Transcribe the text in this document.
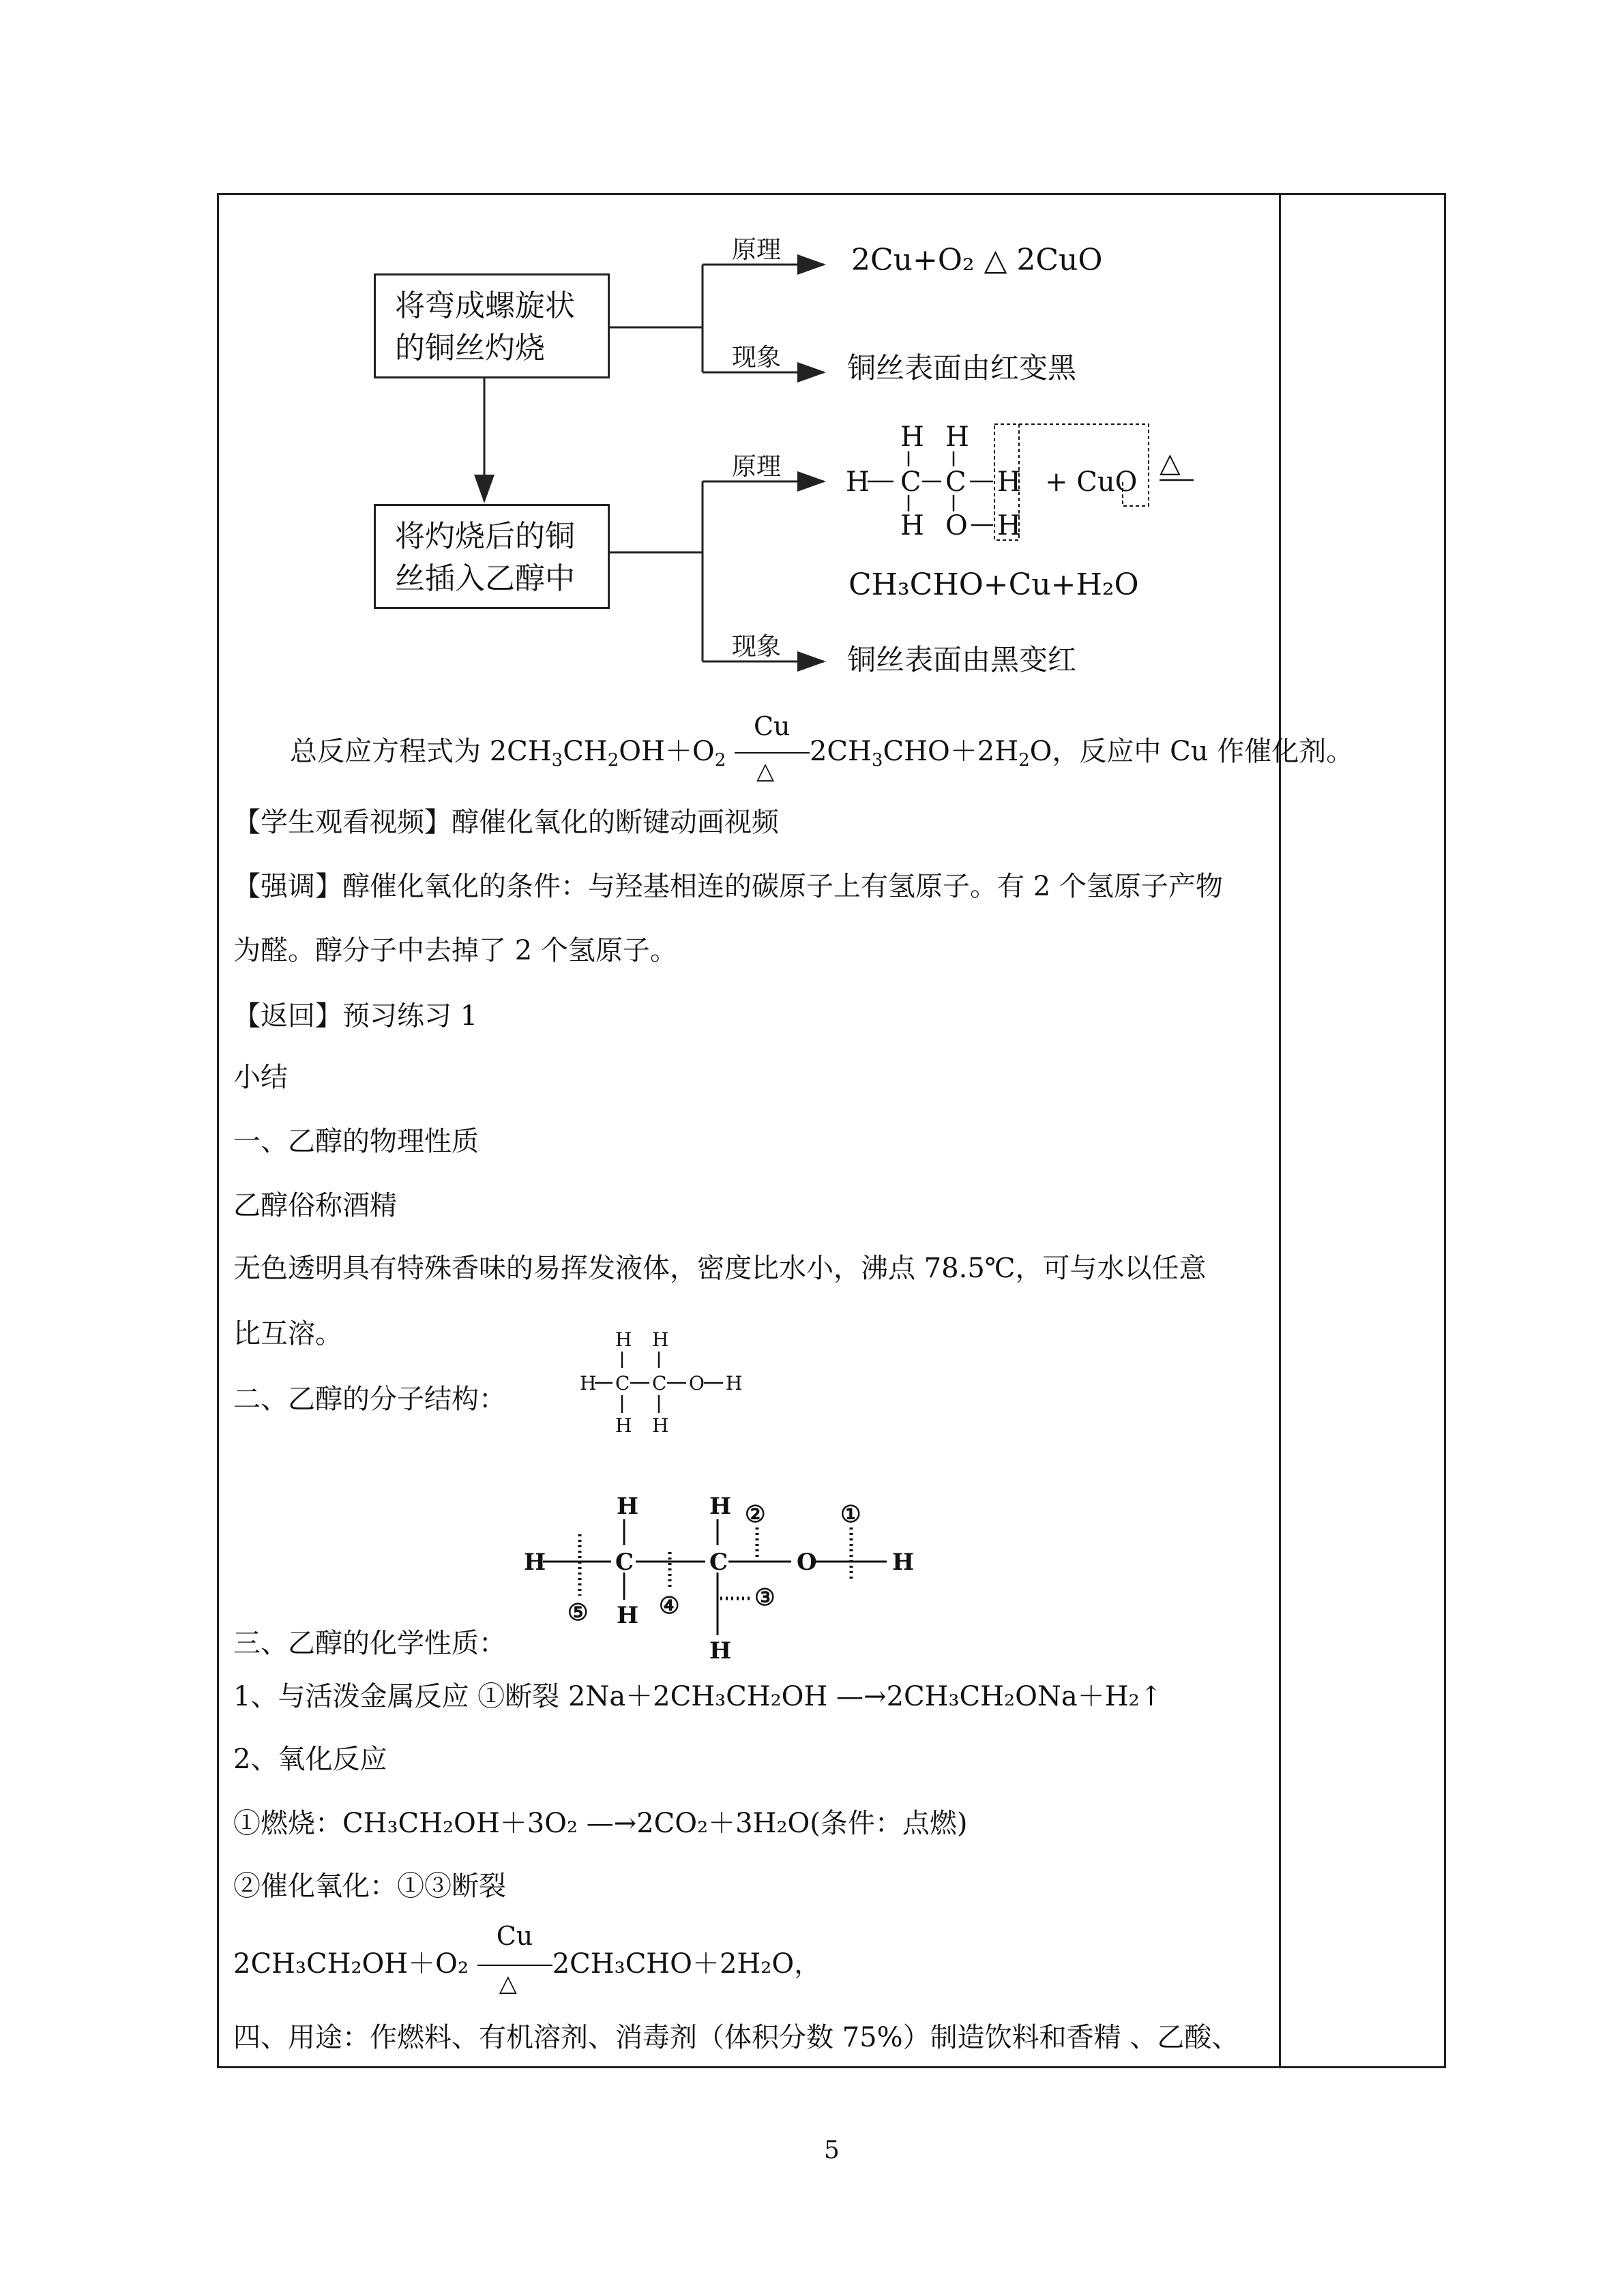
将弯成螺旋状
的铜丝灼烧
将灼烧后的铜
丝插入乙醇中
原理
现象
原理
现象
2Cu+O₂ △ 2CuO
铜丝表面由红变黑
H H
H C C H
H O H
+ CuO
△
CH₃CHO+Cu+H₂O
铜丝表面由黑变红
总反应方程式为 $2CH_3CH_2OH+O_2$
Cu
△
$2CH_3CHO+2H_2O$，反应中 Cu 作催化剂。
【学生观看视频】醇催化氧化的断键动画视频
【强调】醇催化氧化的条件：与羟基相连的碳原子上有氢原子。有 2 个氢原子产物
为醛。醇分子中去掉了 2 个氢原子。
【返回】预习练习 1
小结
一、乙醇的物理性质
乙醇俗称酒精
无色透明具有特殊香味的易挥发液体，密度比水小，沸点 78.5℃，可与水以任意
比互溶。
二、乙醇的分子结构：
H H
H C C O H
H H
H	C	C	O	H
H	H
H
H
②	①
③
④
⑤
三、乙醇的化学性质：
1、与活泼金属反应 ①断裂 2Na＋2CH₃CH₂OH —→2CH₃CH₂ONa＋H₂↑
2、氧化反应
①燃烧：CH₃CH₂OH＋3O₂ —→2CO₂＋3H₂O(条件：点燃)
②催化氧化：①③断裂
2CH₃CH₂OH＋O₂
Cu
△
2CH₃CHO＋2H₂O，
四、用途：作燃料、有机溶剂、消毒剂（体积分数 75%）制造饮料和香精 、乙酸、
5
